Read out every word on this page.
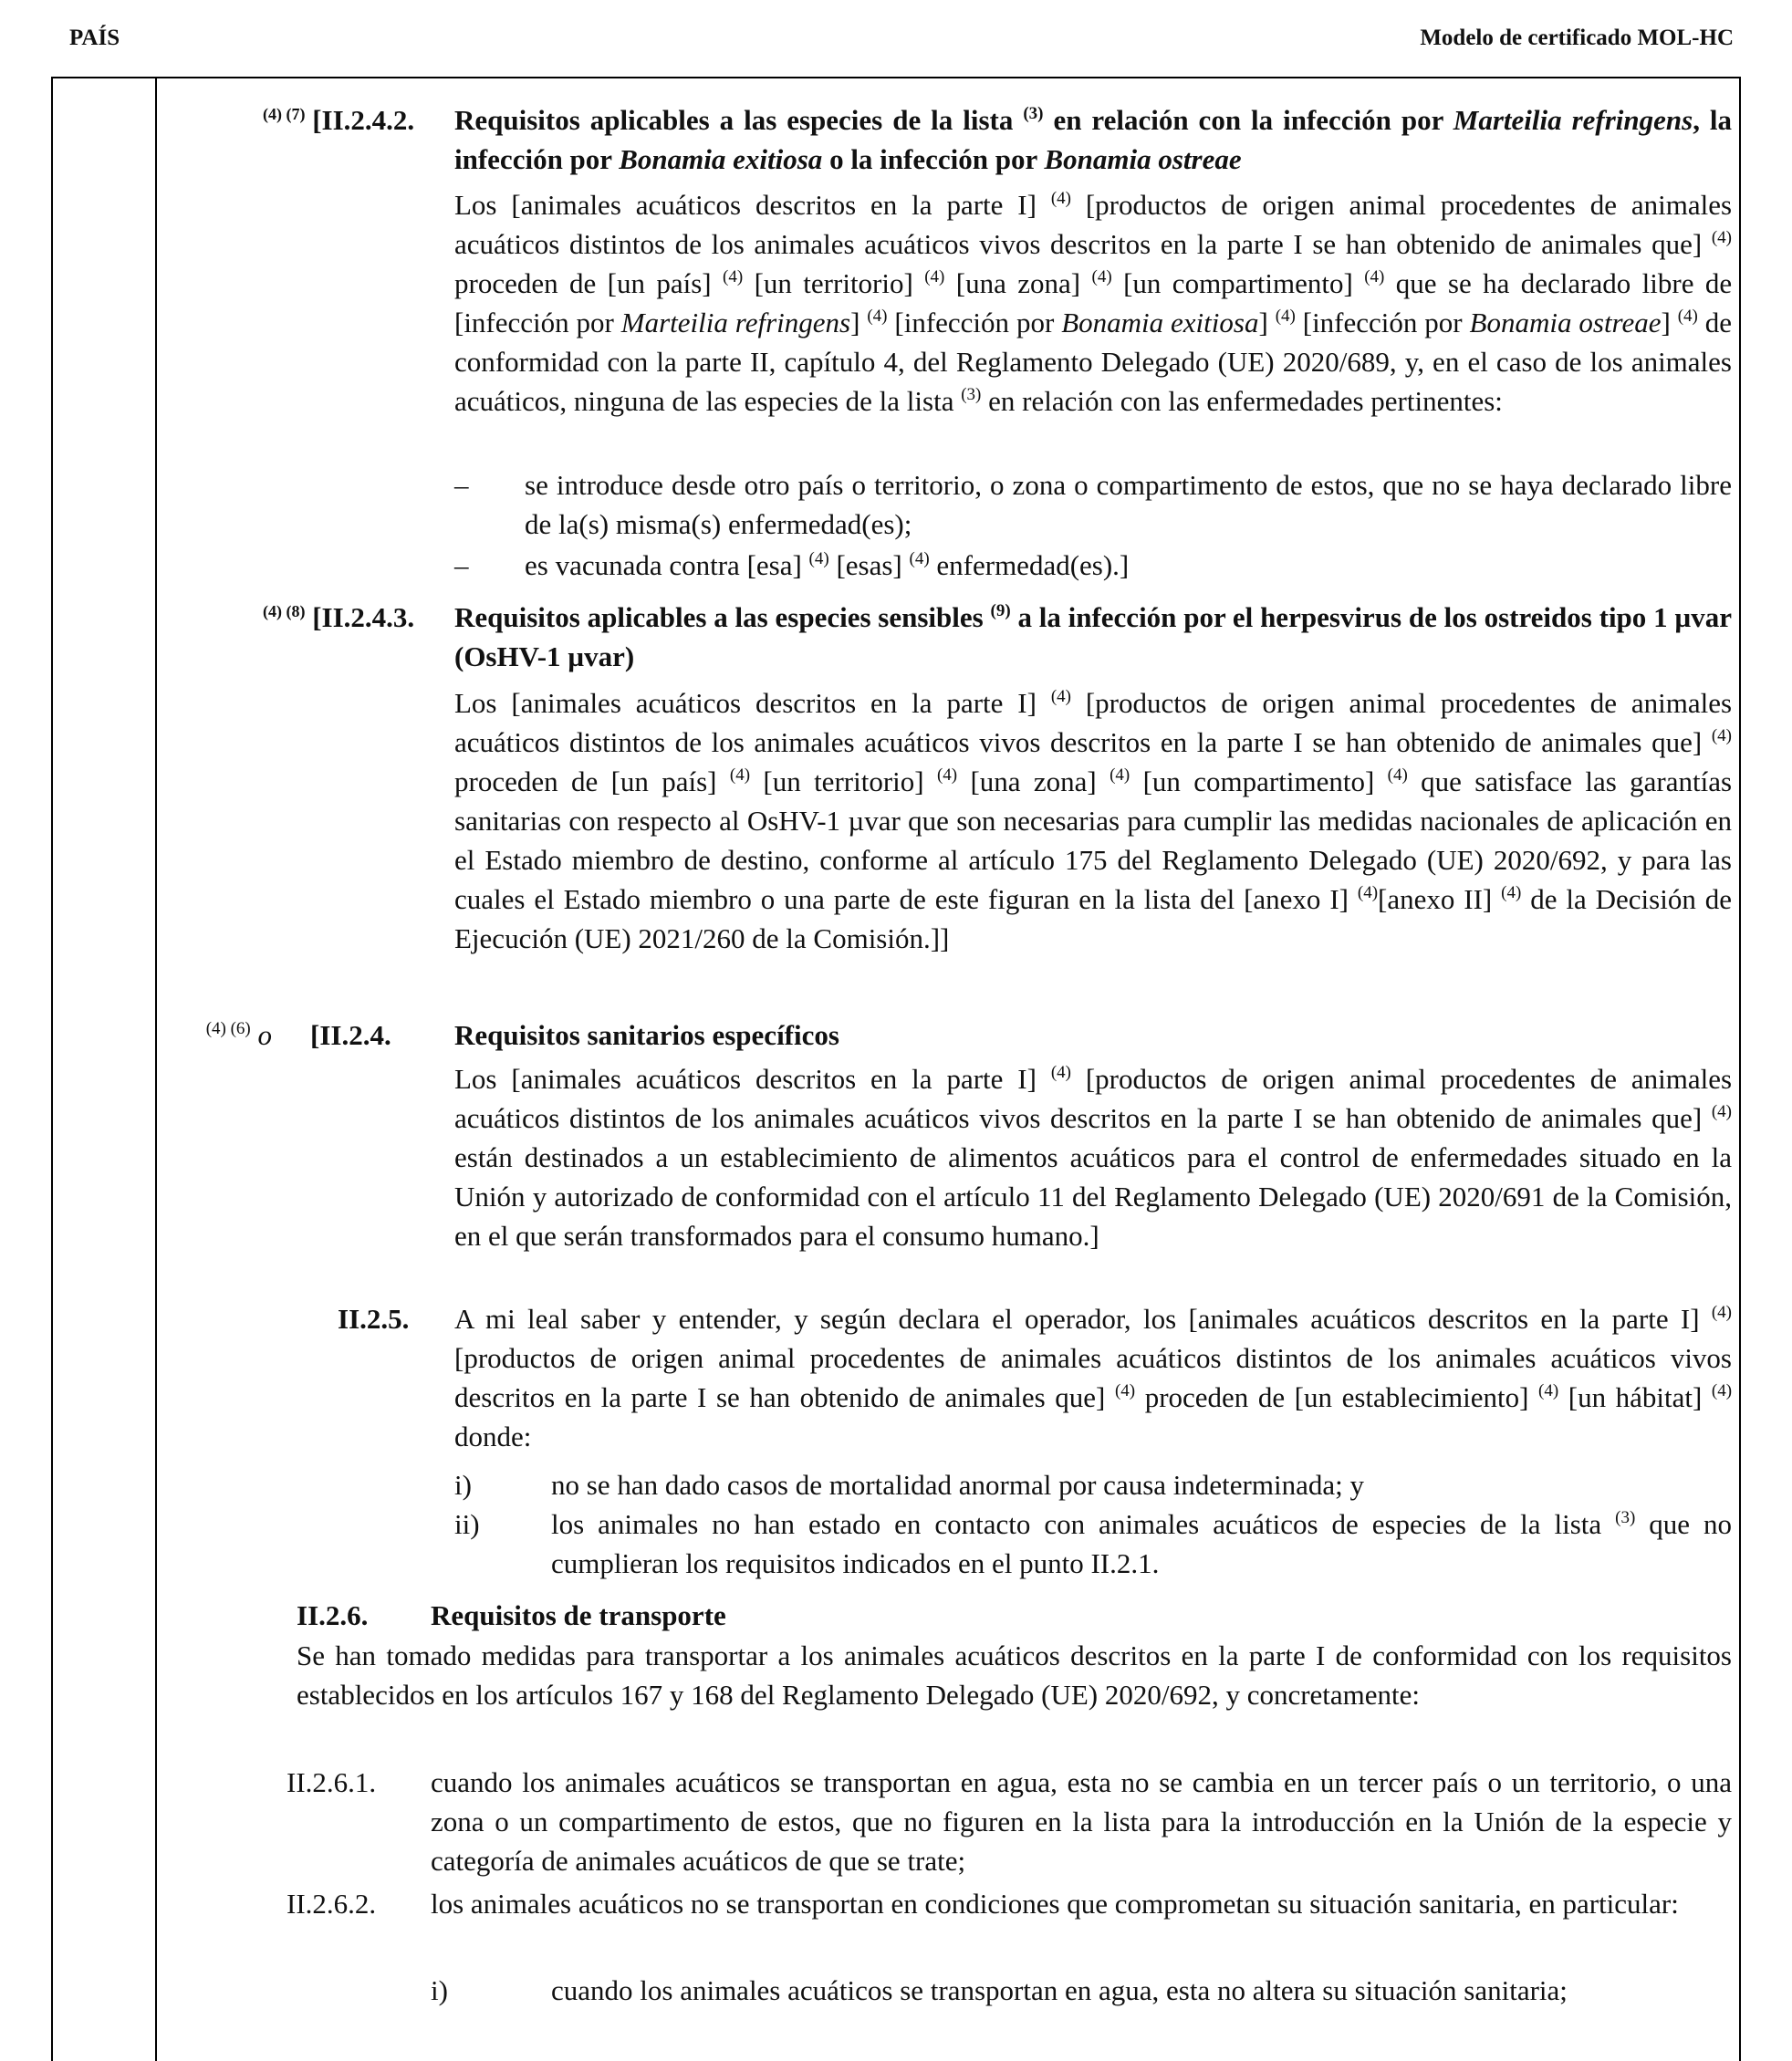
PAÍS	Modelo de certificado MOL-HC
$^{(4) (7)}$ [II.2.4.2. Requisitos aplicables a las especies de la lista $^{(3)}$ en relación con la infección por Marteilia refringens, la infección por Bonamia exitiosa o la infección por Bonamia ostreae

Los [animales acuáticos descritos en la parte I] $^{(4)}$ [productos de origen animal procedentes de animales acuáticos distintos de los animales acuáticos vivos descritos en la parte I se han obtenido de animales que] $^{(4)}$ proceden de [un país] $^{(4)}$ [un territorio] $^{(4)}$ [una zona] $^{(4)}$ [un compartimento] $^{(4)}$ que se ha declarado libre de [infección por Marteilia refringens] $^{(4)}$ [infección por Bonamia exitiosa] $^{(4)}$ [infección por Bonamia ostreae] $^{(4)}$ de conformidad con la parte II, capítulo 4, del Reglamento Delegado (UE) 2020/689, y, en el caso de los animales acuáticos, ninguna de las especies de la lista $^{(3)}$ en relación con las enfermedades pertinentes:

– se introduce desde otro país o territorio, o zona o compartimento de estos, que no se haya declarado libre de la(s) misma(s) enfermedad(es);

– es vacunada contra [esa] $^{(4)}$ [esas] $^{(4)}$ enfermedad(es).]

$^{(4) (8)}$ [II.2.4.3. Requisitos aplicables a las especies sensibles $^{(9)}$ a la infección por el herpesvirus de los ostreidos tipo 1 µvar (OsHV-1 µvar)

Los [animales acuáticos descritos en la parte I] $^{(4)}$ [productos de origen animal procedentes de animales acuáticos distintos de los animales acuáticos vivos descritos en la parte I se han obtenido de animales que] $^{(4)}$ proceden de [un país] $^{(4)}$ [un territorio] $^{(4)}$ [una zona] $^{(4)}$ [un compartimento] $^{(4)}$ que satisface las garantías sanitarias con respecto al OsHV-1 µvar que son necesarias para cumplir las medidas nacionales de aplicación en el Estado miembro de destino, conforme al artículo 175 del Reglamento Delegado (UE) 2020/692, y para las cuales el Estado miembro o una parte de este figuran en la lista del [anexo I] $^{(4)}$[anexo II] $^{(4)}$ de la Decisión de Ejecución (UE) 2021/260 de la Comisión.]]

$^{(4) (6)}$ o [II.2.4. Requisitos sanitarios específicos

Los [animales acuáticos descritos en la parte I] $^{(4)}$ [productos de origen animal procedentes de animales acuáticos distintos de los animales acuáticos vivos descritos en la parte I se han obtenido de animales que] $^{(4)}$ están destinados a un establecimiento de alimentos acuáticos para el control de enfermedades situado en la Unión y autorizado de conformidad con el artículo 11 del Reglamento Delegado (UE) 2020/691 de la Comisión, en el que serán transformados para el consumo humano.]

II.2.5. A mi leal saber y entender, y según declara el operador, los [animales acuáticos descritos en la parte I] $^{(4)}$ [productos de origen animal procedentes de animales acuáticos distintos de los animales acuáticos vivos descritos en la parte I se han obtenido de animales que] $^{(4)}$ proceden de [un establecimiento] $^{(4)}$ [un hábitat] $^{(4)}$ donde:

i)	no se han dado casos de mortalidad anormal por causa indeterminada; y

ii)	los animales no han estado en contacto con animales acuáticos de especies de la lista $^{(3)}$ que no cumplieran los requisitos indicados en el punto II.2.1.

II.2.6. Requisitos de transporte

Se han tomado medidas para transportar a los animales acuáticos descritos en la parte I de conformidad con los requisitos establecidos en los artículos 167 y 168 del Reglamento Delegado (UE) 2020/692, y concretamente:

II.2.6.1. cuando los animales acuáticos se transportan en agua, esta no se cambia en un tercer país o un territorio, o una zona o un compartimento de estos, que no figuren en la lista para la introducción en la Unión de la especie y categoría de animales acuáticos de que se trate;

II.2.6.2. los animales acuáticos no se transportan en condiciones que comprometan su situación sanitaria, en particular:

i)	cuando los animales acuáticos se transportan en agua, esta no altera su situación sanitaria;
